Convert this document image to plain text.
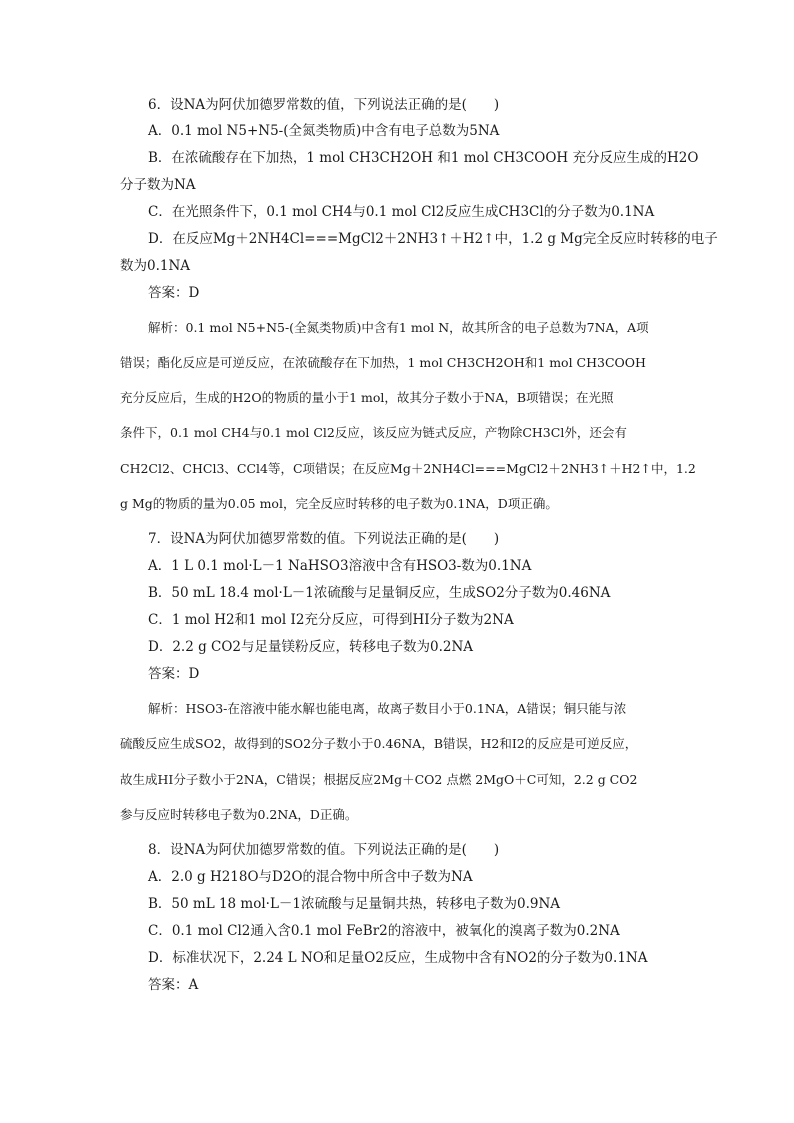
6．设NA为阿伏加德罗常数的值，下列说法正确的是(　　)
A．0.1 mol N5+N5-(全氮类物质)中含有电子总数为5NA
B．在浓硫酸存在下加热，1 mol CH3CH2OH 和1 mol CH3COOH 充分反应生成的H2O
分子数为NA
C．在光照条件下，0.1 mol CH4与0.1 mol Cl2反应生成CH3Cl的分子数为0.1NA
D．在反应Mg＋2NH4Cl===MgCl2＋2NH3↑＋H2↑中，1.2 g Mg完全反应时转移的电子
数为0.1NA
答案：D
解析：0.1 mol N5+N5-(全氮类物质)中含有1 mol N，故其所含的电子总数为7NA，A项
错误；酯化反应是可逆反应，在浓硫酸存在下加热，1 mol CH3CH2OH和1 mol CH3COOH
充分反应后，生成的H2O的物质的量小于1 mol，故其分子数小于NA，B项错误；在光照
条件下，0.1 mol CH4与0.1 mol Cl2反应，该反应为链式反应，产物除CH3Cl外，还会有
CH2Cl2、CHCl3、CCl4等，C项错误；在反应Mg＋2NH4Cl===MgCl2＋2NH3↑＋H2↑中，1.2
g Mg的物质的量为0.05 mol，完全反应时转移的电子数为0.1NA，D项正确。
7．设NA为阿伏加德罗常数的值。下列说法正确的是(　　)
A．1 L 0.1 mol·L－1 NaHSO3溶液中含有HSO3-数为0.1NA
B．50 mL 18.4 mol·L－1浓硫酸与足量铜反应，生成SO2分子数为0.46NA
C．1 mol H2和1 mol I2充分反应，可得到HI分子数为2NA
D．2.2 g CO2与足量镁粉反应，转移电子数为0.2NA
答案：D
解析：HSO3-在溶液中能水解也能电离，故离子数目小于0.1NA，A错误；铜只能与浓
硫酸反应生成SO2，故得到的SO2分子数小于0.46NA，B错误，H2和I2的反应是可逆反应，
故生成HI分子数小于2NA，C错误；根据反应2Mg＋CO2 点燃 2MgO＋C可知，2.2 g CO2
参与反应时转移电子数为0.2NA，D正确。
8．设NA为阿伏加德罗常数的值。下列说法正确的是(　　)
A．2.0 g H218O与D2O的混合物中所含中子数为NA
B．50 mL 18 mol·L－1浓硫酸与足量铜共热，转移电子数为0.9NA
C．0.1 mol Cl2通入含0.1 mol FeBr2的溶液中，被氧化的溴离子数为0.2NA
D．标准状况下，2.24 L NO和足量O2反应，生成物中含有NO2的分子数为0.1NA
答案：A
